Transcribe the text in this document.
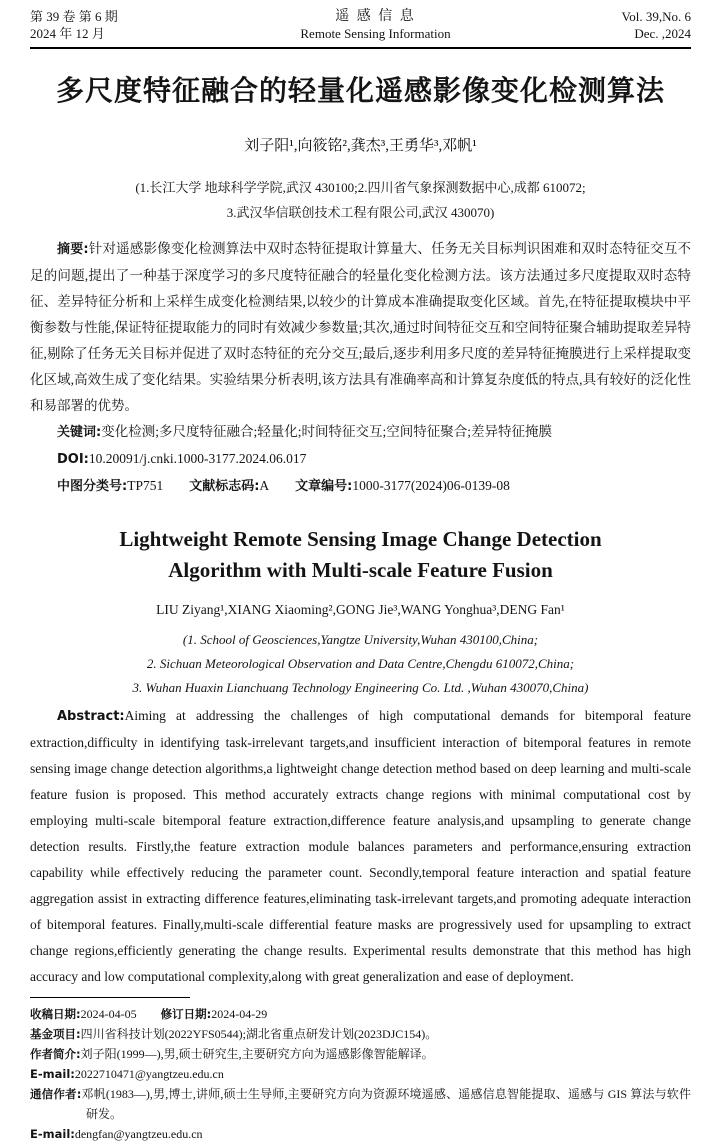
第 39 卷 第 6 期
2024 年 12 月
遥 感 信 息
Remote Sensing Information
Vol. 39,No. 6
Dec. ,2024
多尺度特征融合的轻量化遥感影像变化检测算法
刘子阳¹,向筱铭²,龚杰³,王勇华³,邓帆¹
(1.长江大学 地球科学学院,武汉 430100;2.四川省气象探测数据中心,成都 610072;
3.武汉华信联创技术工程有限公司,武汉 430070)

摘要:针对遥感影像变化检测算法中双时态特征提取计算量大、任务无关目标判识困难和双时态特征交互不足的问题,提出了一种基于深度学习的多尺度特征融合的轻量化变化检测方法。该方法通过多尺度提取双时态特征、差异特征分析和上采样生成变化检测结果,以较少的计算成本准确提取变化区域。首先,在特征提取模块中平衡参数与性能,保证特征提取能力的同时有效减少参数量;其次,通过时间特征交互和空间特征聚合辅助提取差异特征,剔除了任务无关目标并促进了双时态特征的充分交互;最后,逐步利用多尺度的差异特征掩膜进行上采样提取变化区域,高效生成了变化结果。实验结果分析表明,该方法具有准确率高和计算复杂度低的特点,具有较好的泛化性和易部署的优势。

关键词:变化检测;多尺度特征融合;轻量化;时间特征交互;空间特征聚合;差异特征掩膜

DOI:10.20091/j.cnki.1000-3177.2024.06.017

中图分类号:TP751 文献标志码:A 文章编号:1000-3177(2024)06-0139-08

Lightweight Remote Sensing Image Change Detection
Algorithm with Multi-scale Feature Fusion
LIU Ziyang¹,XIANG Xiaoming²,GONG Jie³,WANG Yonghua³,DENG Fan¹
(1. School of Geosciences,Yangtze University,Wuhan 430100,China;
2. Sichuan Meteorological Observation and Data Centre,Chengdu 610072,China;
3. Wuhan Huaxin Lianchuang Technology Engineering Co. Ltd. ,Wuhan 430070,China)

Abstract:Aiming at addressing the challenges of high computational demands for bitemporal feature extraction,difficulty in identifying task-irrelevant targets,and insufficient interaction of bitemporal features in remote sensing image change detection algorithms,a lightweight change detection method based on deep learning and multi-scale feature fusion is proposed. This method accurately extracts change regions with minimal computational cost by employing multi-scale bitemporal feature extraction,difference feature analysis,and upsampling to generate change detection results. Firstly,the feature extraction module balances parameters and performance,ensuring extraction capability while effectively reducing the parameter count. Secondly,temporal feature interaction and spatial feature aggregation assist in extracting difference features,eliminating task-irrelevant targets,and promoting adequate interaction of bitemporal features. Finally,multi-scale differential feature masks are progressively used for upsampling to extract change regions,efficiently generating the change results. Experimental results demonstrate that this method has high accuracy and low computational complexity,along with great generalization and ease of deployment.

收稿日期:2024-04-05 修订日期:2024-04-29

基金项目:四川省科技计划(2022YFS0544);湖北省重点研发计划(2023DJC154)。

作者简介:刘子阳(1999—),男,硕士研究生,主要研究方向为遥感影像智能解译。

E-mail:2022710471@yangtzeu.edu.cn

通信作者:邓帆(1983—),男,博士,讲师,硕士生导师,主要研究方向为资源环境遥感、遥感信息智能提取、遥感与 GIS 算法与软件研发。

E-mail:dengfan@yangtzeu.edu.cn
